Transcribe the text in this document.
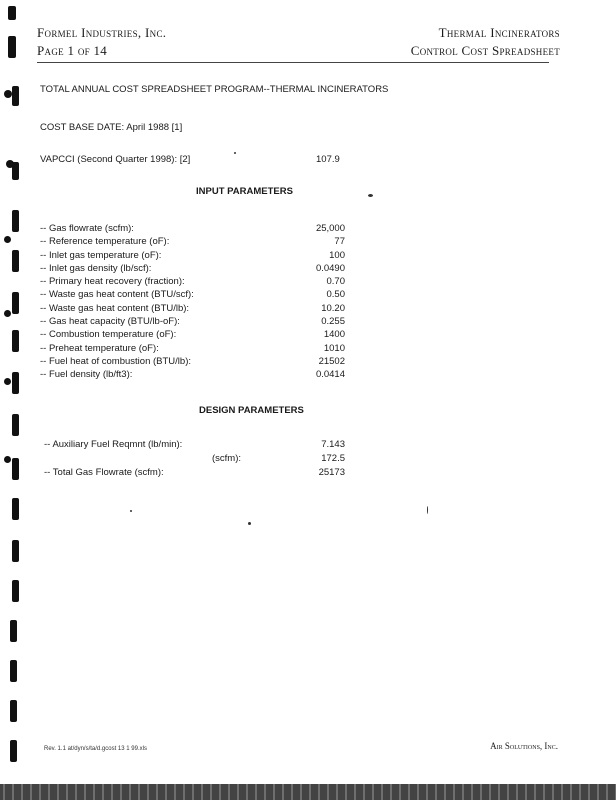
Formel Industries, Inc.
Page 1 of 14
Thermal Incinerators
Control Cost Spreadsheet
TOTAL ANNUAL COST SPREADSHEET PROGRAM--THERMAL INCINERATORS
COST BASE DATE: April 1988 [1]
VAPCCI (Second Quarter 1998): [2]	107.9
INPUT PARAMETERS
-- Gas flowrate (scfm):	25,000
-- Reference temperature (oF):	77
-- Inlet gas temperature (oF):	100
-- Inlet gas density (lb/scf):	0.0490
-- Primary heat recovery (fraction):	0.70
-- Waste gas heat content (BTU/scf):	0.50
-- Waste gas heat content (BTU/lb):	10.20
-- Gas heat capacity (BTU/lb-oF):	0.255
-- Combustion temperature (oF):	1400
-- Preheat temperature (oF):	1010
-- Fuel heat of combustion (BTU/lb):	21502
-- Fuel density (lb/ft3):	0.0414
DESIGN PARAMETERS
-- Auxiliary Fuel Reqmnt (lb/min):	7.143
(scfm):	172.5
-- Total Gas Flowrate (scfm):	25173
Rev. 1.1 at/dyn/s/ta/d.gcost 13 1 99.xls	Air Solutions, Inc.
